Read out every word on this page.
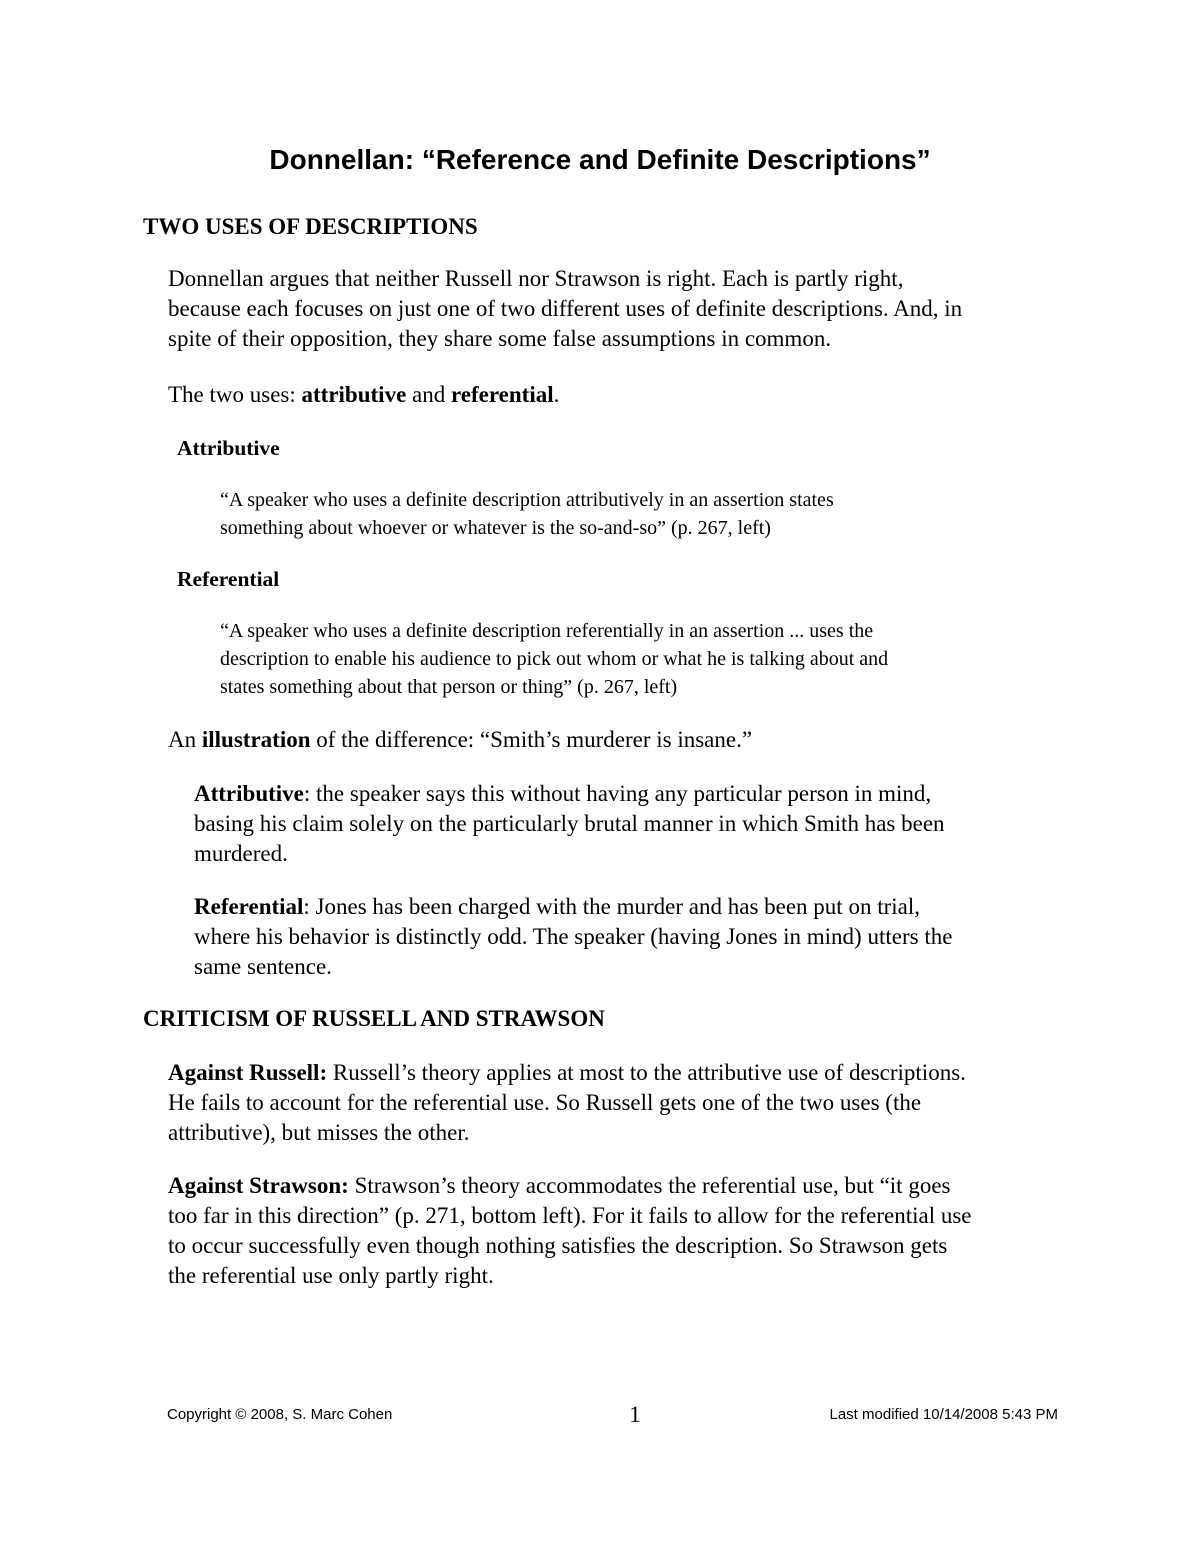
Donnellan: “Reference and Definite Descriptions”
TWO USES OF DESCRIPTIONS
Donnellan argues that neither Russell nor Strawson is right. Each is partly right,
because each focuses on just one of two different uses of definite descriptions. And, in
spite of their opposition, they share some false assumptions in common.
The two uses: attributive and referential.
Attributive
“A speaker who uses a definite description attributively in an assertion states
something about whoever or whatever is the so-and-so” (p. 267, left)
Referential
“A speaker who uses a definite description referentially in an assertion ... uses the
description to enable his audience to pick out whom or what he is talking about and
states something about that person or thing” (p. 267, left)
An illustration of the difference: “Smith’s murderer is insane.”
Attributive: the speaker says this without having any particular person in mind,
basing his claim solely on the particularly brutal manner in which Smith has been
murdered.
Referential: Jones has been charged with the murder and has been put on trial,
where his behavior is distinctly odd. The speaker (having Jones in mind) utters the
same sentence.
CRITICISM OF RUSSELL AND STRAWSON
Against Russell: Russell’s theory applies at most to the attributive use of descriptions.
He fails to account for the referential use. So Russell gets one of the two uses (the
attributive), but misses the other.
Against Strawson: Strawson’s theory accommodates the referential use, but “it goes
too far in this direction” (p. 271, bottom left). For it fails to allow for the referential use
to occur successfully even though nothing satisfies the description. So Strawson gets
the referential use only partly right.
Copyright © 2008, S. Marc Cohen	1	Last modified 10/14/2008 5:43 PM
